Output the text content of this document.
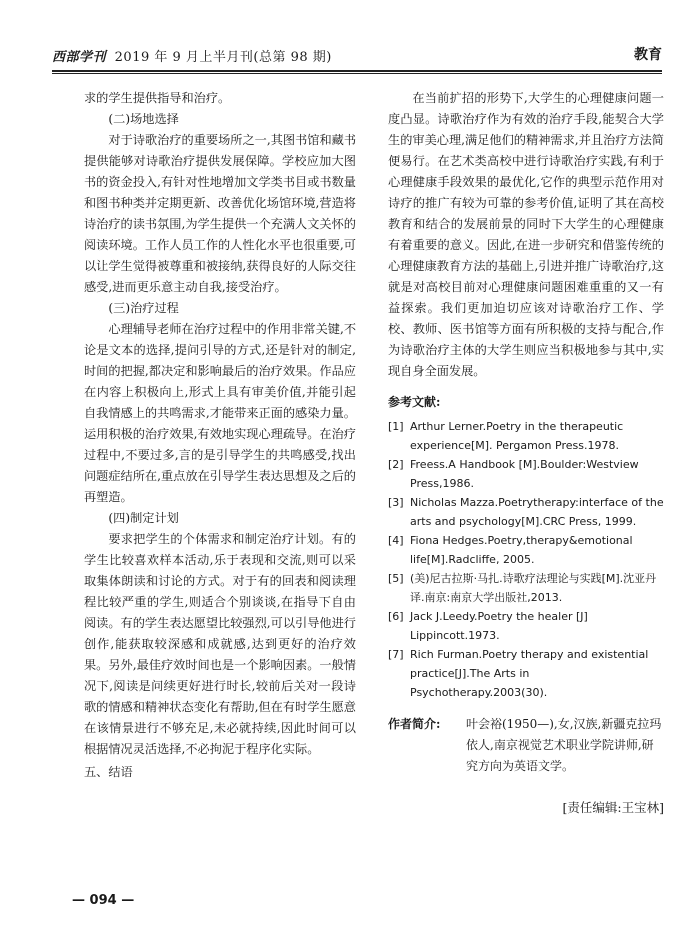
西部学刊 2019 年 9 月上半月刊(总第 98 期)	教育

求的学生提供指导和治疗。

(二)场地选择

对于诗歌治疗的重要场所之一,其图书馆和藏书提供能够对诗歌治疗提供发展保障。学校应加大图书的资金投入,有针对性地增加文学类书目或书数量和图书种类并定期更新、改善优化场馆环境,营造将诗治疗的读书氛围,为学生提供一个充满人文关怀的阅读环境。工作人员工作的人性化水平也很重要,可以让学生觉得被尊重和被接纳,获得良好的人际交往感受,进而更乐意主动自我,接受治疗。

(三)治疗过程

心理辅导老师在治疗过程中的作用非常关键,不论是文本的选择,提问引导的方式,还是针对的制定,时间的把握,都决定和影响最后的治疗效果。作品应在内容上积极向上,形式上具有审美价值,并能引起自我情感上的共鸣需求,才能带来正面的感染力量。运用积极的治疗效果,有效地实现心理疏导。在治疗过程中,不要过多,言的是引导学生的共鸣感受,找出问题症结所在,重点放在引导学生表达思想及之后的再塑造。

(四)制定计划

要求把学生的个体需求和制定治疗计划。有的学生比较喜欢样本活动,乐于表现和交流,则可以采取集体朗读和讨论的方式。对于有的回表和阅读理程比较严重的学生,则适合个别谈谈,在指导下自由阅读。有的学生表达愿望比较强烈,可以引导他进行创作,能获取较深感和成就感,达到更好的治疗效果。另外,最佳疗效时间也是一个影响因素。一般情况下,阅读是问续更好进行时长,较前后关对一段诗歌的情感和精神状态变化有帮助,但在有时学生愿意在该情景进行不够充足,未必就持续,因此时间可以根据情况灵活选择,不必拘泥于程序化实际。

五、结语

在当前扩招的形势下,大学生的心理健康问题一度凸显。诗歌治疗作为有效的治疗手段,能契合大学生的审美心理,满足他们的精神需求,并且治疗方法简便易行。在艺术类高校中进行诗歌治疗实践,有利于心理健康手段效果的最优化,它作的典型示范作用对诗疗的推广有较为可靠的参考价值,证明了其在高校教育和结合的发展前景的同时下大学生的心理健康有着重要的意义。因此,在进一步研究和借鉴传统的心理健康教育方法的基础上,引进并推广诗歌治疗,这就是对高校目前对心理健康问题困难重重的又一有益探索。我们更加迫切应该对诗歌治疗工作、学校、教师、医书馆等方面有所积极的支持与配合,作为诗歌治疗主体的大学生则应当积极地参与其中,实现自身全面发展。

参考文献:
[1] Arthur Lerner.Poetry in the therapeutic experience[M]. Pergamon Press.1978.
[2] Freess.A Handbook [M].Boulder:Westview Press,1986.
[3] Nicholas Mazza.Poetrytherapy:interface of the arts and psychology[M].CRC Press, 1999.
[4] Fiona Hedges.Poetry,therapy&emotional life[M].Radcliffe, 2005.
[5] (美)尼古拉斯·马扎.诗歌疗法理论与实践[M].沈亚丹译.南京:南京大学出版社,2013.
[6] Jack J.Leedy.Poetry the healer [J] Lippincott.1973.
[7] Rich Furman.Poetry therapy and existential practice[J].The Arts in Psychotherapy.2003(30).
作者简介:	叶会裕(1950—),女,汉族,新疆克拉玛依人,南京视觉艺术职业学院讲师,研究方向为英语文学。
[责任编辑:王宝林]
— 094 —
